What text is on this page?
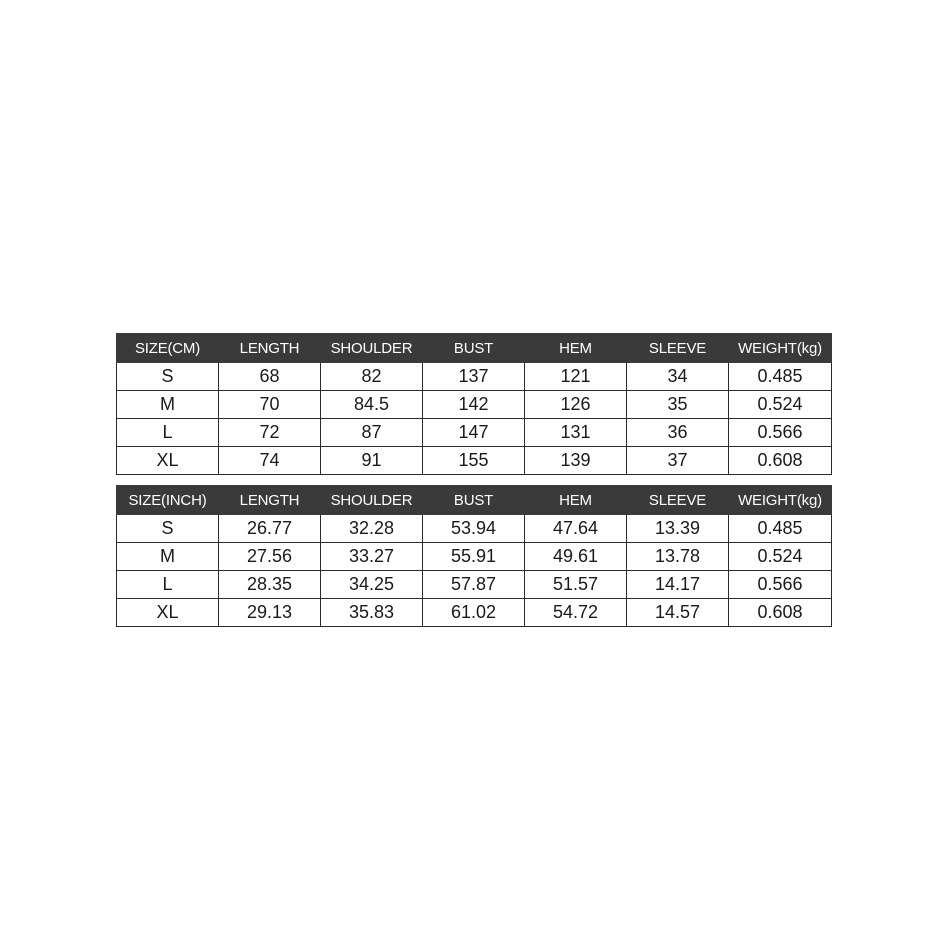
SIZE(CM)	LENGTH	SHOULDER	BUST	HEM	SLEEVE	WEIGHT(kg)
S	68	82	137	121	34	0.485
M	70	84.5	142	126	35	0.524
L	72	87	147	131	36	0.566
XL	74	91	155	139	37	0.608
SIZE(INCH)	LENGTH	SHOULDER	BUST	HEM	SLEEVE	WEIGHT(kg)
S	26.77	32.28	53.94	47.64	13.39	0.485
M	27.56	33.27	55.91	49.61	13.78	0.524
L	28.35	34.25	57.87	51.57	14.17	0.566
XL	29.13	35.83	61.02	54.72	14.57	0.608
